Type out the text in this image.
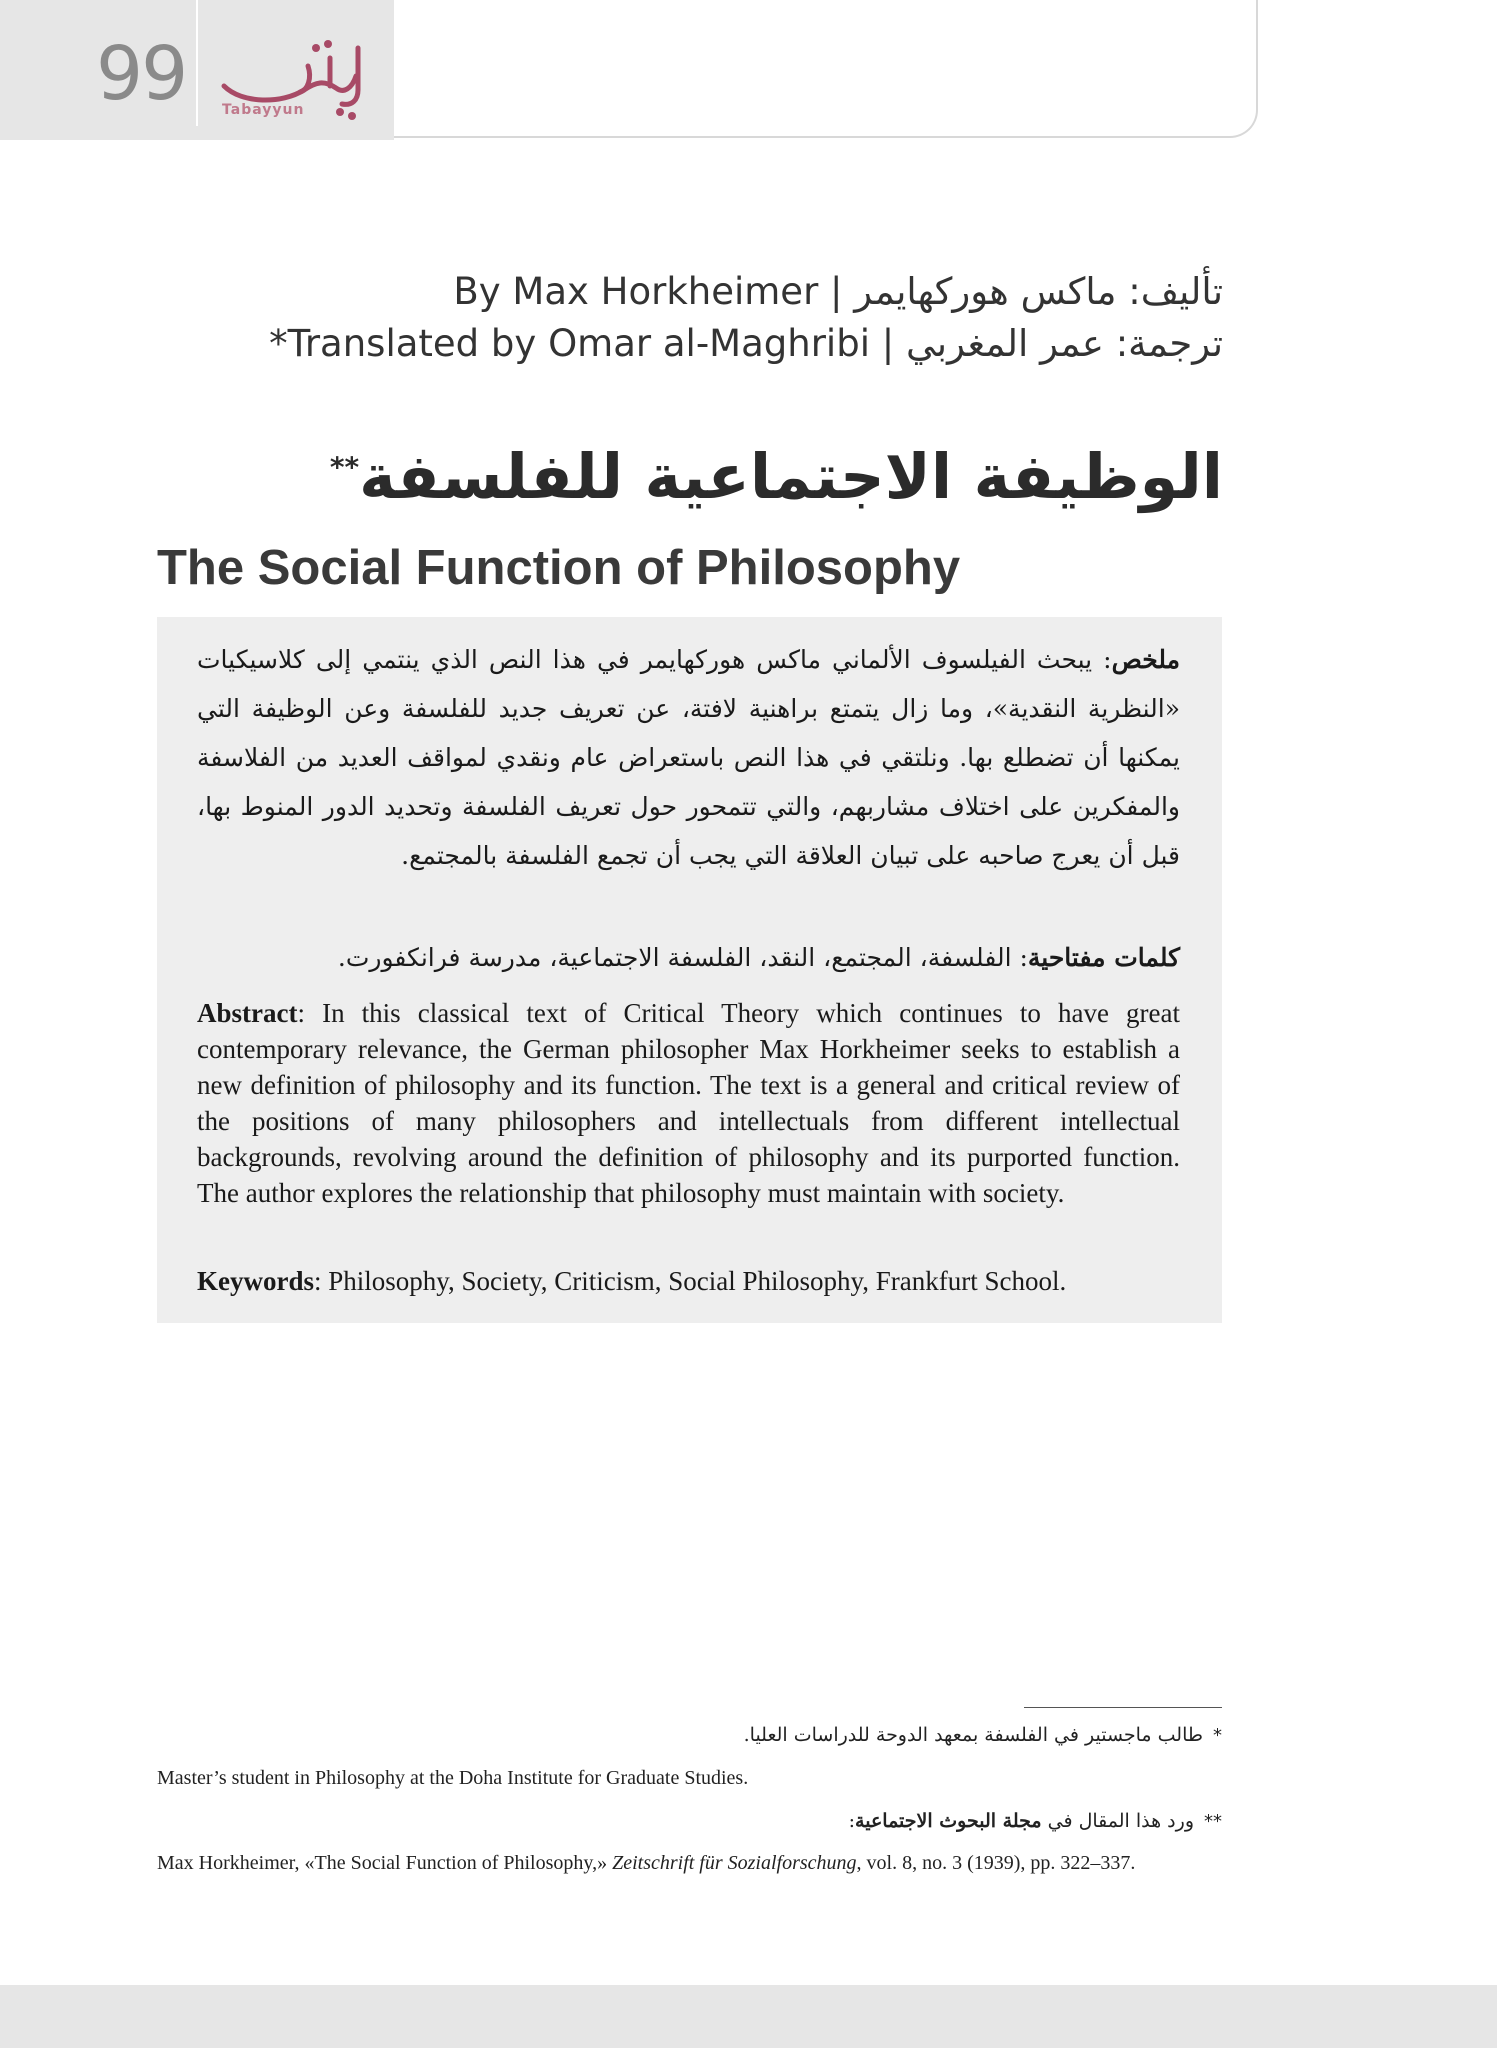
99	Tabayyun
By Max Horkheimer | تأليف: ماكس هوركهايمر
*Translated by Omar al-Maghribi | ترجمة: عمر المغربي
الوظيفة الاجتماعية للفلسفة**
The Social Function of Philosophy
ملخص: يبحث الفيلسوف الألماني ماكس هوركهايمر في هذا النص الذي ينتمي إلى كلاسيكيات «النظرية النقدية»، وما زال يتمتع براهنية لافتة، عن تعريف جديد للفلسفة وعن الوظيفة التي يمكنها أن تضطلع بها. ونلتقي في هذا النص باستعراض عام ونقدي لمواقف العديد من الفلاسفة والمفكرين على اختلاف مشاربهم، والتي تتمحور حول تعريف الفلسفة وتحديد الدور المنوط بها، قبل أن يعرج صاحبه على تبيان العلاقة التي يجب أن تجمع الفلسفة بالمجتمع.
كلمات مفتاحية: الفلسفة، المجتمع، النقد، الفلسفة الاجتماعية، مدرسة فرانكفورت.
Abstract: In this classical text of Critical Theory which continues to have great contemporary relevance, the German philosopher Max Horkheimer seeks to establish a new definition of philosophy and its function. The text is a general and critical review of the positions of many philosophers and intellectuals from different intellectual backgrounds, revolving around the definition of philosophy and its purported function. The author explores the relationship that philosophy must maintain with society.
Keywords: Philosophy, Society, Criticism, Social Philosophy, Frankfurt School.
*طالب ماجستير في الفلسفة بمعهد الدوحة للدراسات العليا.
Master’s student in Philosophy at the Doha Institute for Graduate Studies.
**ورد هذا المقال في مجلة البحوث الاجتماعية:
Max Horkheimer, «The Social Function of Philosophy,» Zeitschrift für Sozialforschung, vol. 8, no. 3 (1939), pp. 322–337.
